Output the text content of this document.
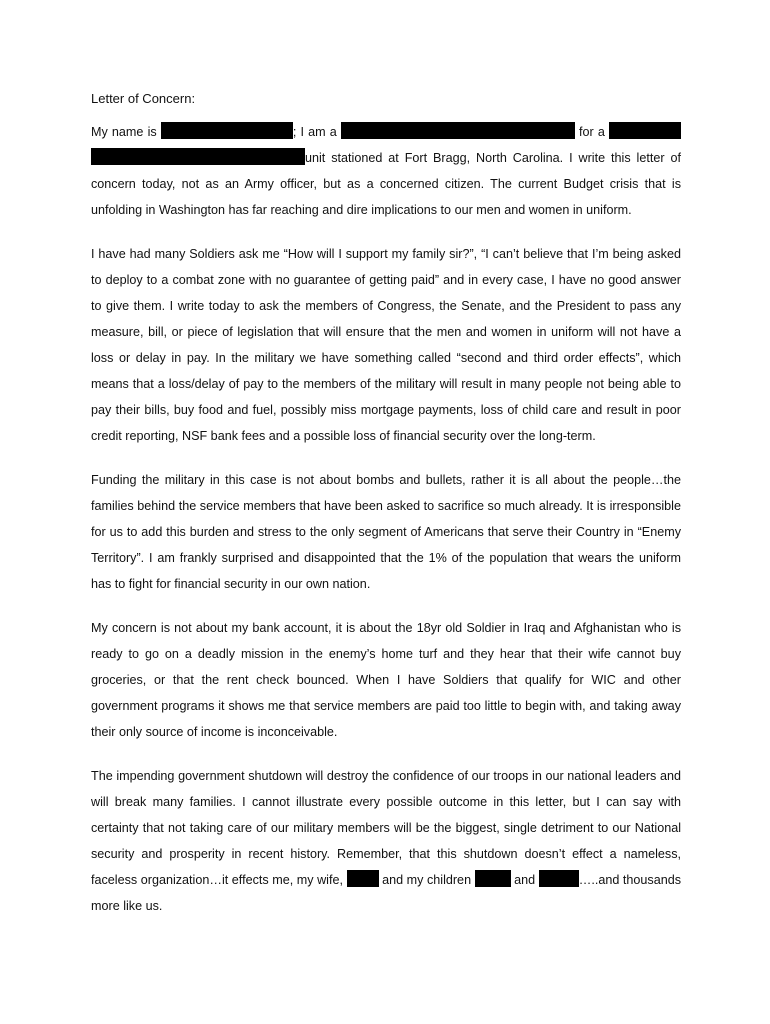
Letter of Concern:

My name is	; I am a	for a  unit stationed at Fort Bragg, North Carolina. I write this letter of concern today, not as an Army officer, but as a concerned citizen. The current Budget crisis that is unfolding in Washington has far reaching and dire implications to our men and women in uniform.

I have had many Soldiers ask me “How will I support my family sir?”, “I can’t believe that I’m being asked to deploy to a combat zone with no guarantee of getting paid” and in every case, I have no good answer to give them. I write today to ask the members of Congress, the Senate, and the President to pass any measure, bill, or piece of legislation that will ensure that the men and women in uniform will not have a loss or delay in pay. In the military we have something called “second and third order effects”, which means that a loss/delay of pay to the members of the military will result in many people not being able to pay their bills, buy food and fuel, possibly miss mortgage payments, loss of child care and result in poor credit reporting, NSF bank fees and a possible loss of financial security over the long-term.

Funding the military in this case is not about bombs and bullets, rather it is all about the people…the families behind the service members that have been asked to sacrifice so much already. It is irresponsible for us to add this burden and stress to the only segment of Americans that serve their Country in “Enemy Territory”. I am frankly surprised and disappointed that the 1% of the population that wears the uniform has to fight for financial security in our own nation.

My concern is not about my bank account, it is about the 18yr old Soldier in Iraq and Afghanistan who is ready to go on a deadly mission in the enemy’s home turf and they hear that their wife cannot buy groceries, or that the rent check bounced. When I have Soldiers that qualify for WIC and other government programs it shows me that service members are paid too little to begin with, and taking away their only source of income is inconceivable.

The impending government shutdown will destroy the confidence of our troops in our national leaders and will break many families. I cannot illustrate every possible outcome in this letter, but I can say with certainty that not taking care of our military members will be the biggest, single detriment to our National security and prosperity in recent history. Remember, that this shutdown doesn’t effect a nameless, faceless organization…it effects me, my wife,	and my children	and	…..and thousands more like us.
